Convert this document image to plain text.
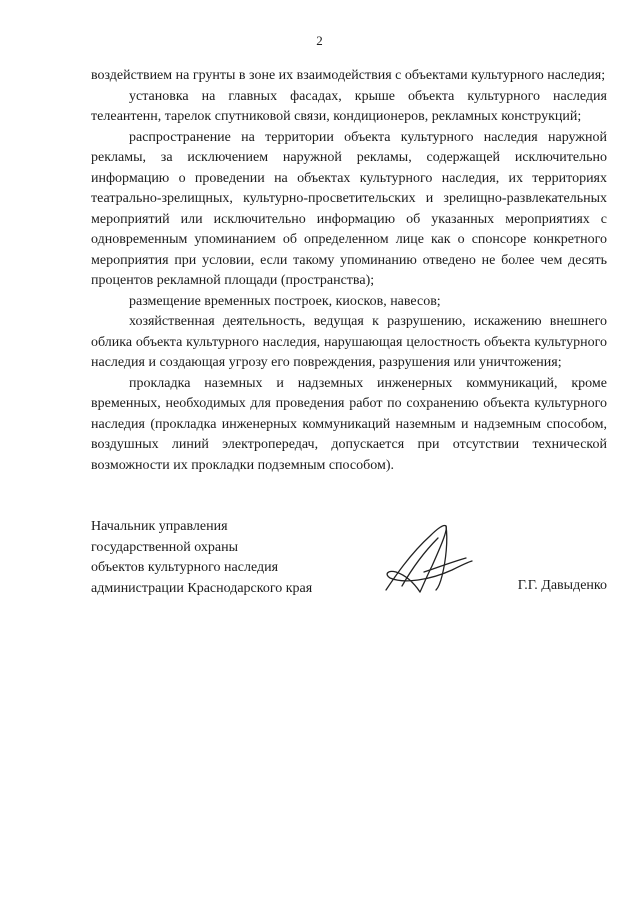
2

воздействием на грунты в зоне их взаимодействия с объектами культурного наследия;

установка на главных фасадах, крыше объекта культурного наследия телеантенн, тарелок спутниковой связи, кондиционеров, рекламных конструкций;

распространение на территории объекта культурного наследия наружной рекламы, за исключением наружной рекламы, содержащей исключительно информацию о проведении на объектах культурного наследия, их территориях театрально-зрелищных, культурно-просветительских и зрелищно-развлекательных мероприятий или исключительно информацию об указанных мероприятиях с одновременным упоминанием об определенном лице как о спонсоре конкретного мероприятия при условии, если такому упоминанию отведено не более чем десять процентов рекламной площади (пространства);

размещение временных построек, киосков, навесов;

хозяйственная деятельность, ведущая к разрушению, искажению внешнего облика объекта культурного наследия, нарушающая целостность объекта культурного наследия и создающая угрозу его повреждения, разрушения или уничтожения;

прокладка наземных и надземных инженерных коммуникаций, кроме временных, необходимых для проведения работ по сохранению объекта культурного наследия (прокладка инженерных коммуникаций наземным и надземным способом, воздушных линий электропередач, допускается при отсутствии технической возможности их прокладки подземным способом).

Начальник управления
государственной охраны
объектов культурного наследия
администрации Краснодарского края	Г.Г. Давыденко
